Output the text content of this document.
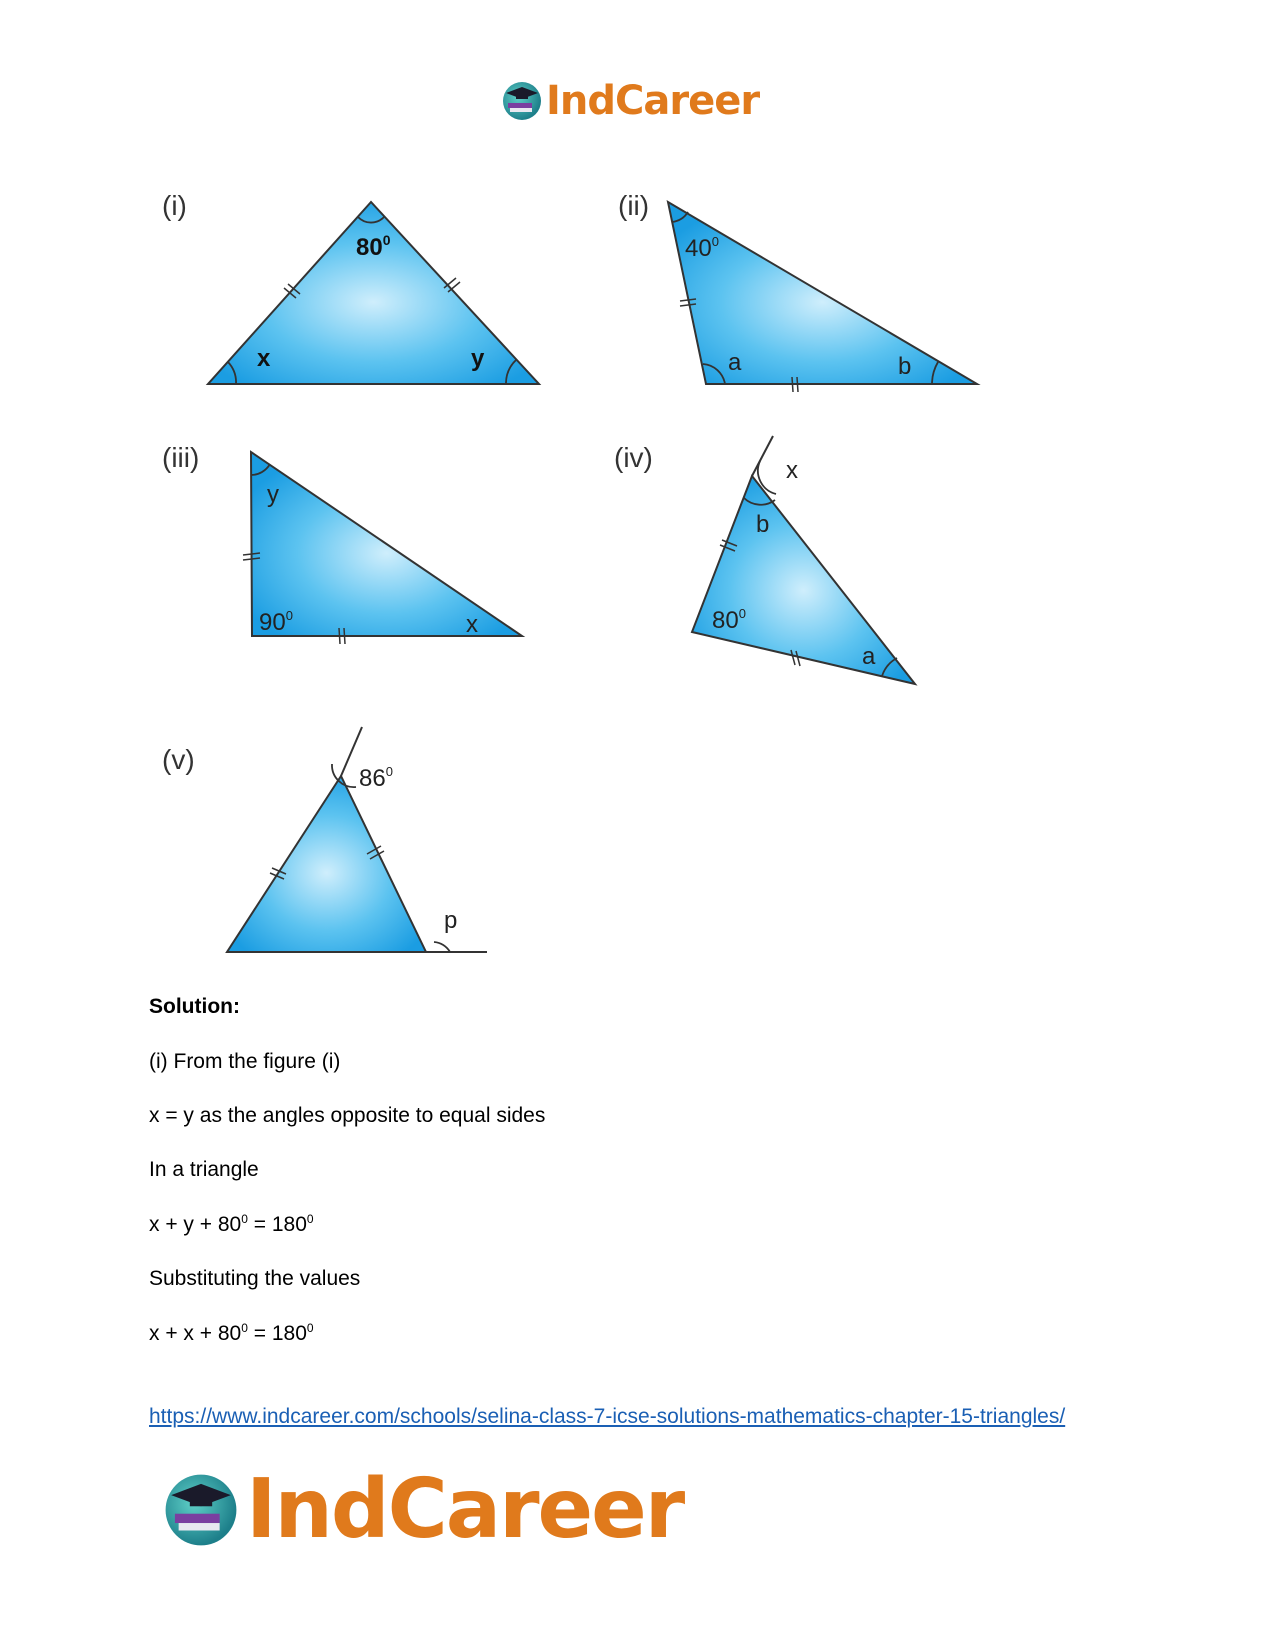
IndCareer
(i)	(ii)
(iii)	(iv)
(v)
$80^0$
x	y
$40^0$
a	b
y
$90^0$	x
x
b
$80^0$
a
$86^0$
p
Solution:
(i) From the figure (i)
x = y as the angles opposite to equal sides
In a triangle
$x + y + 80^0 = 180^0$
Substituting the values
$x + x + 80^0 = 180^0$
https://www.indcareer.com/schools/selina-class-7-icse-solutions-mathematics-chapter-15-triangles/
IndCareer
